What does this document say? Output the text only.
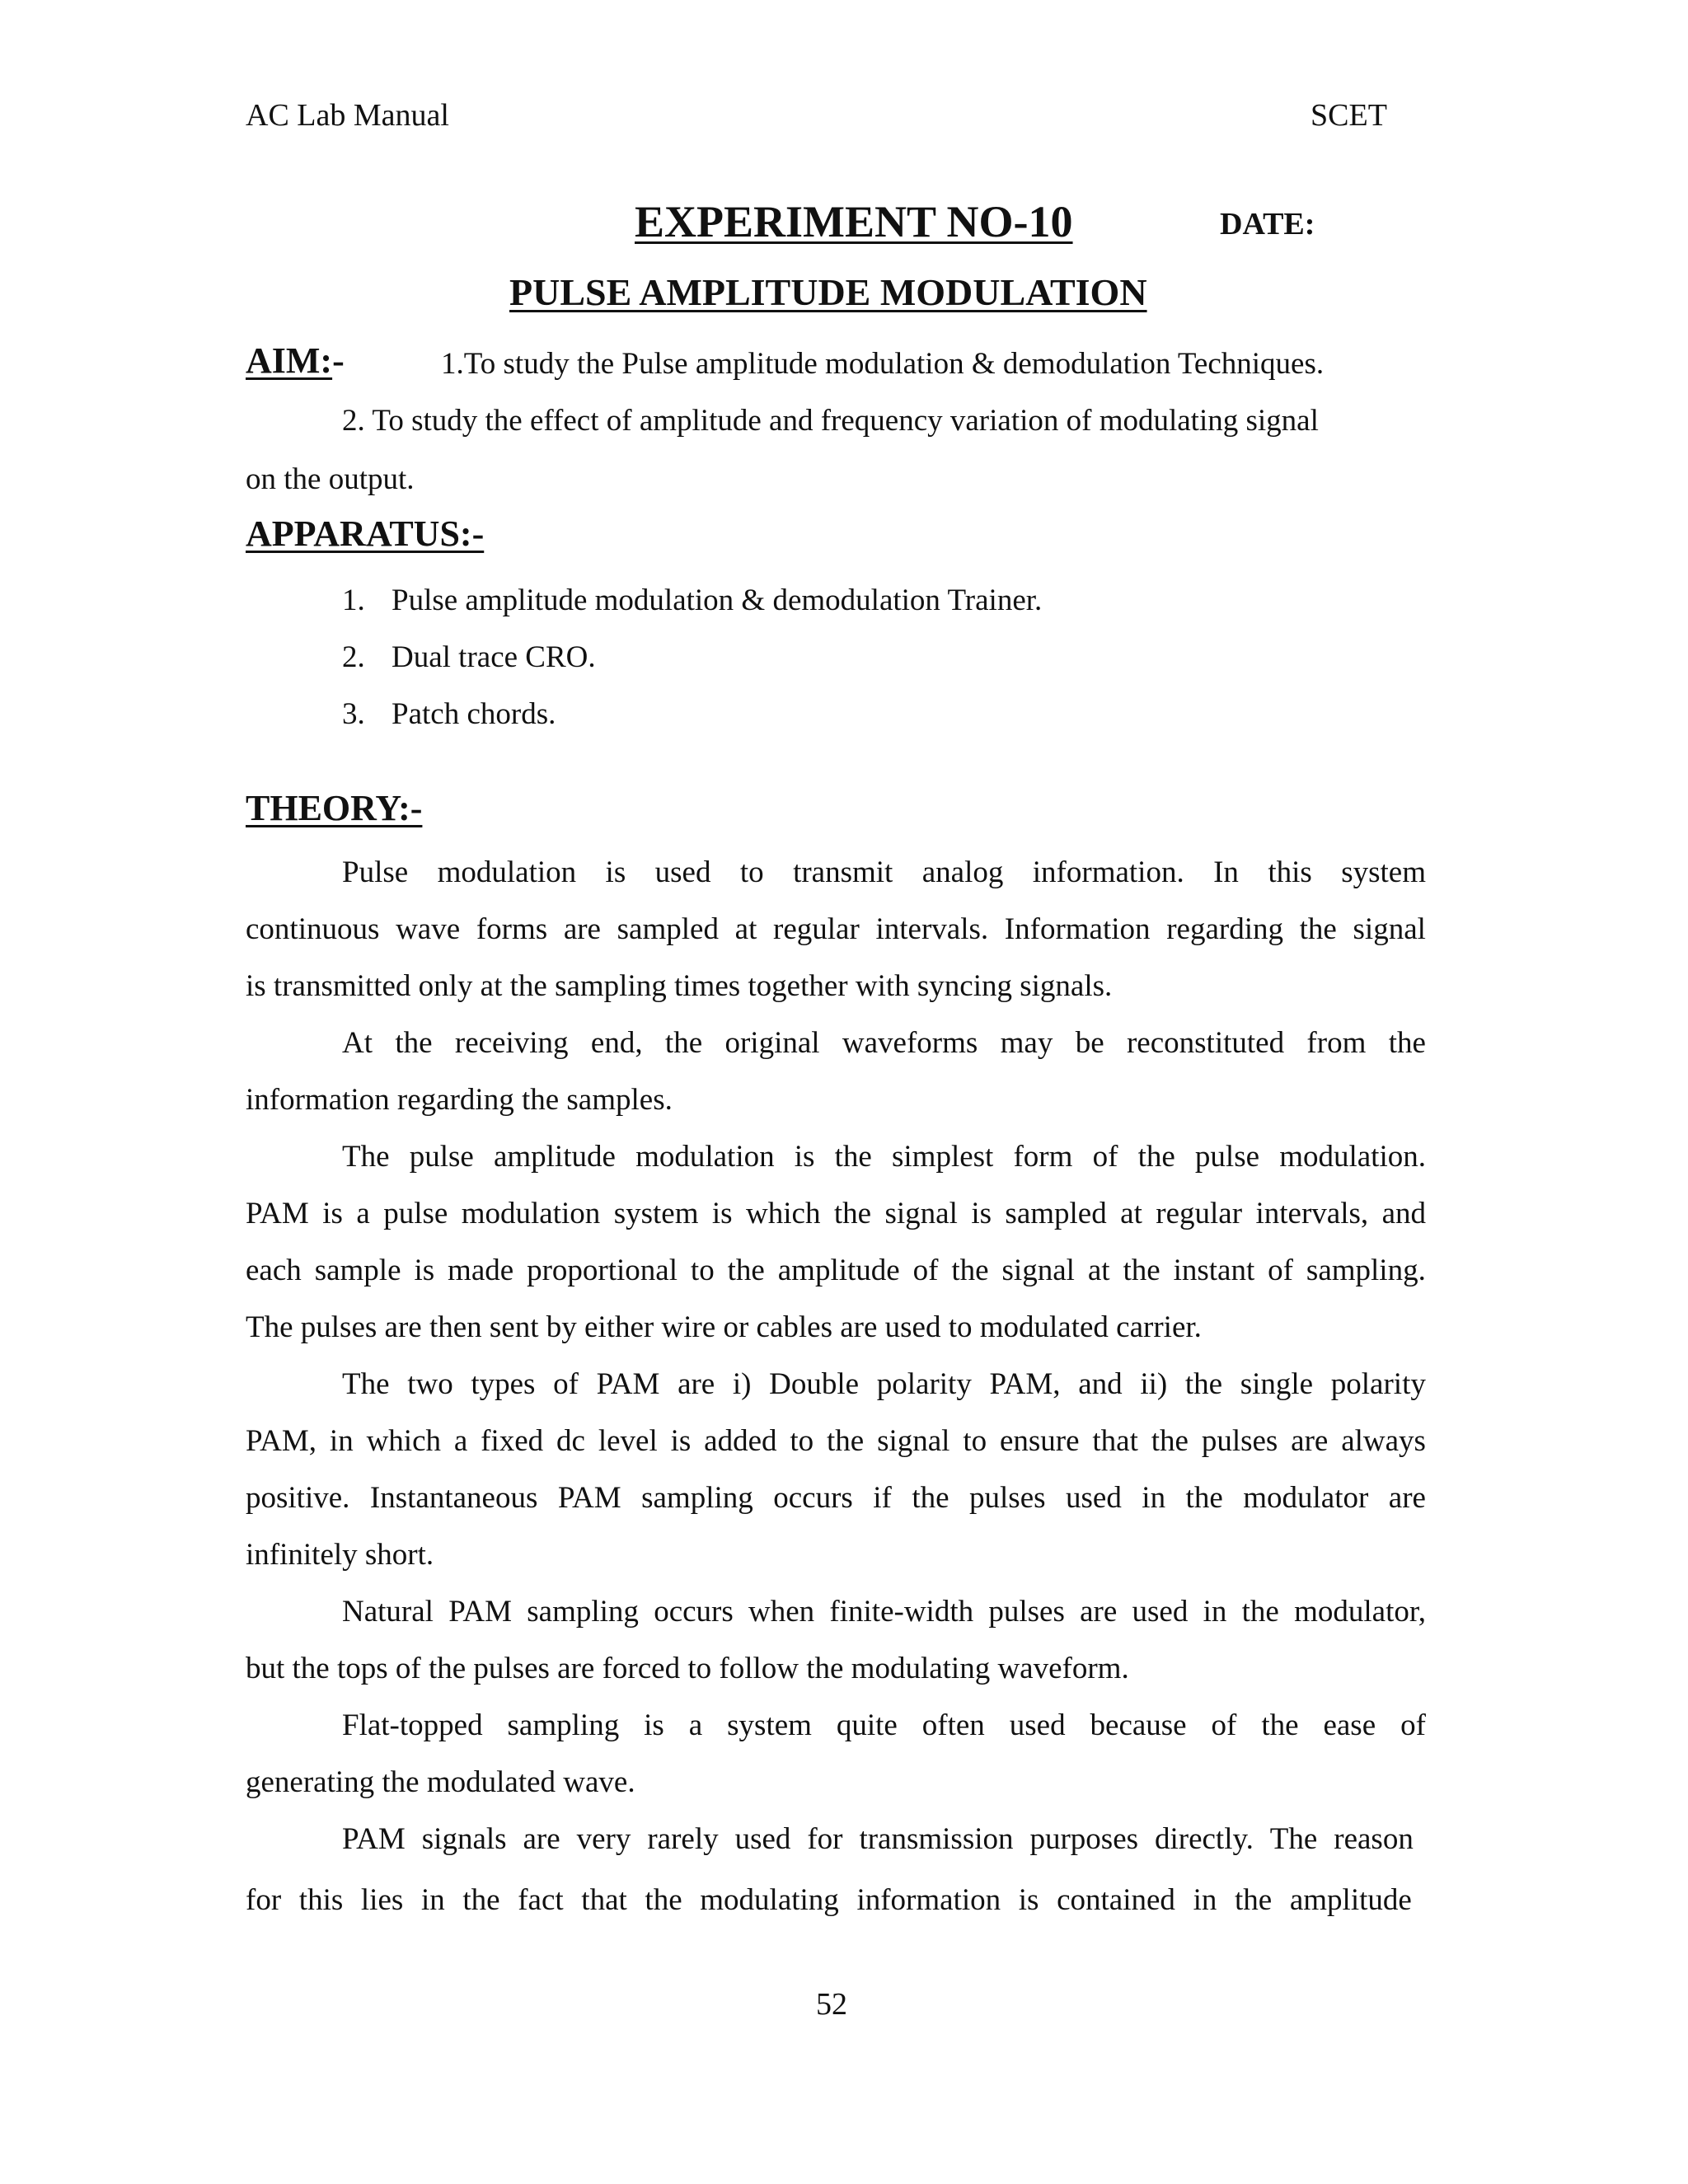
AC Lab Manual	SCET
EXPERIMENT NO-10	DATE:
PULSE AMPLITUDE MODULATION
AIM:-	1.To study the Pulse amplitude modulation & demodulation Techniques.
2. To study the effect of amplitude and frequency variation of modulating signal
on the output.
APPARATUS:-
1. Pulse amplitude modulation & demodulation Trainer.
2. Dual trace CRO.
3. Patch chords.
THEORY:-
Pulse modulation is used to transmit analog information. In this system
continuous wave forms are sampled at regular intervals. Information regarding the signal
is transmitted only at the sampling times together with syncing signals.
At the receiving end, the original waveforms may be reconstituted from the
information regarding the samples.
The pulse amplitude modulation is the simplest form of the pulse modulation.
PAM is a pulse modulation system is which the signal is sampled at regular intervals, and
each sample is made proportional to the amplitude of the signal at the instant of sampling.
The pulses are then sent by either wire or cables are used to modulated carrier.
The two types of PAM are i) Double polarity PAM, and ii) the single polarity
PAM, in which a fixed dc level is added to the signal to ensure that the pulses are always
positive. Instantaneous PAM sampling occurs if the pulses used in the modulator are
infinitely short.
Natural PAM sampling occurs when finite-width pulses are used in the modulator,
but the tops of the pulses are forced to follow the modulating waveform.
Flat-topped sampling is a system quite often used because of the ease of
generating the modulated wave.
PAM signals are very rarely used for transmission purposes directly. The reason
for this lies in the fact that the modulating information is contained in the amplitude
52
